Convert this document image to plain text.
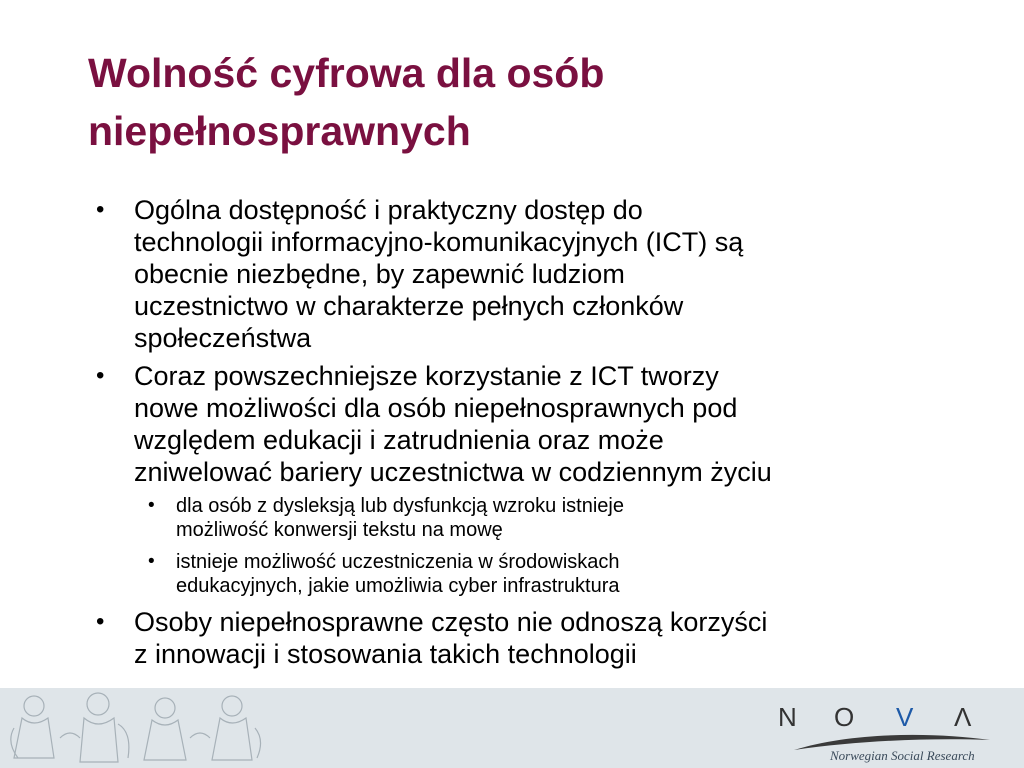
Wolność cyfrowa dla osób
niepełnosprawnych
• Ogólna dostępność i praktyczny dostęp do
technologii informacyjno-komunikacyjnych (ICT) są
obecnie niezbędne, by zapewnić ludziom
uczestnictwo w charakterze pełnych członków
społeczeństwa
• Coraz powszechniejsze korzystanie z ICT tworzy
nowe możliwości dla osób niepełnosprawnych pod
względem edukacji i zatrudnienia oraz może
zniwelować bariery uczestnictwa w codziennym życiu
• dla osób z dysleksją lub dysfunkcją wzroku istnieje
możliwość konwersji tekstu na mowę
• istnieje możliwość uczestniczenia w środowiskach
edukacyjnych, jakie umożliwia cyber infrastruktura
• Osoby niepełnosprawne często nie odnoszą korzyści
z innowacji i stosowania takich technologii
N O V Λ
Norwegian Social Research
